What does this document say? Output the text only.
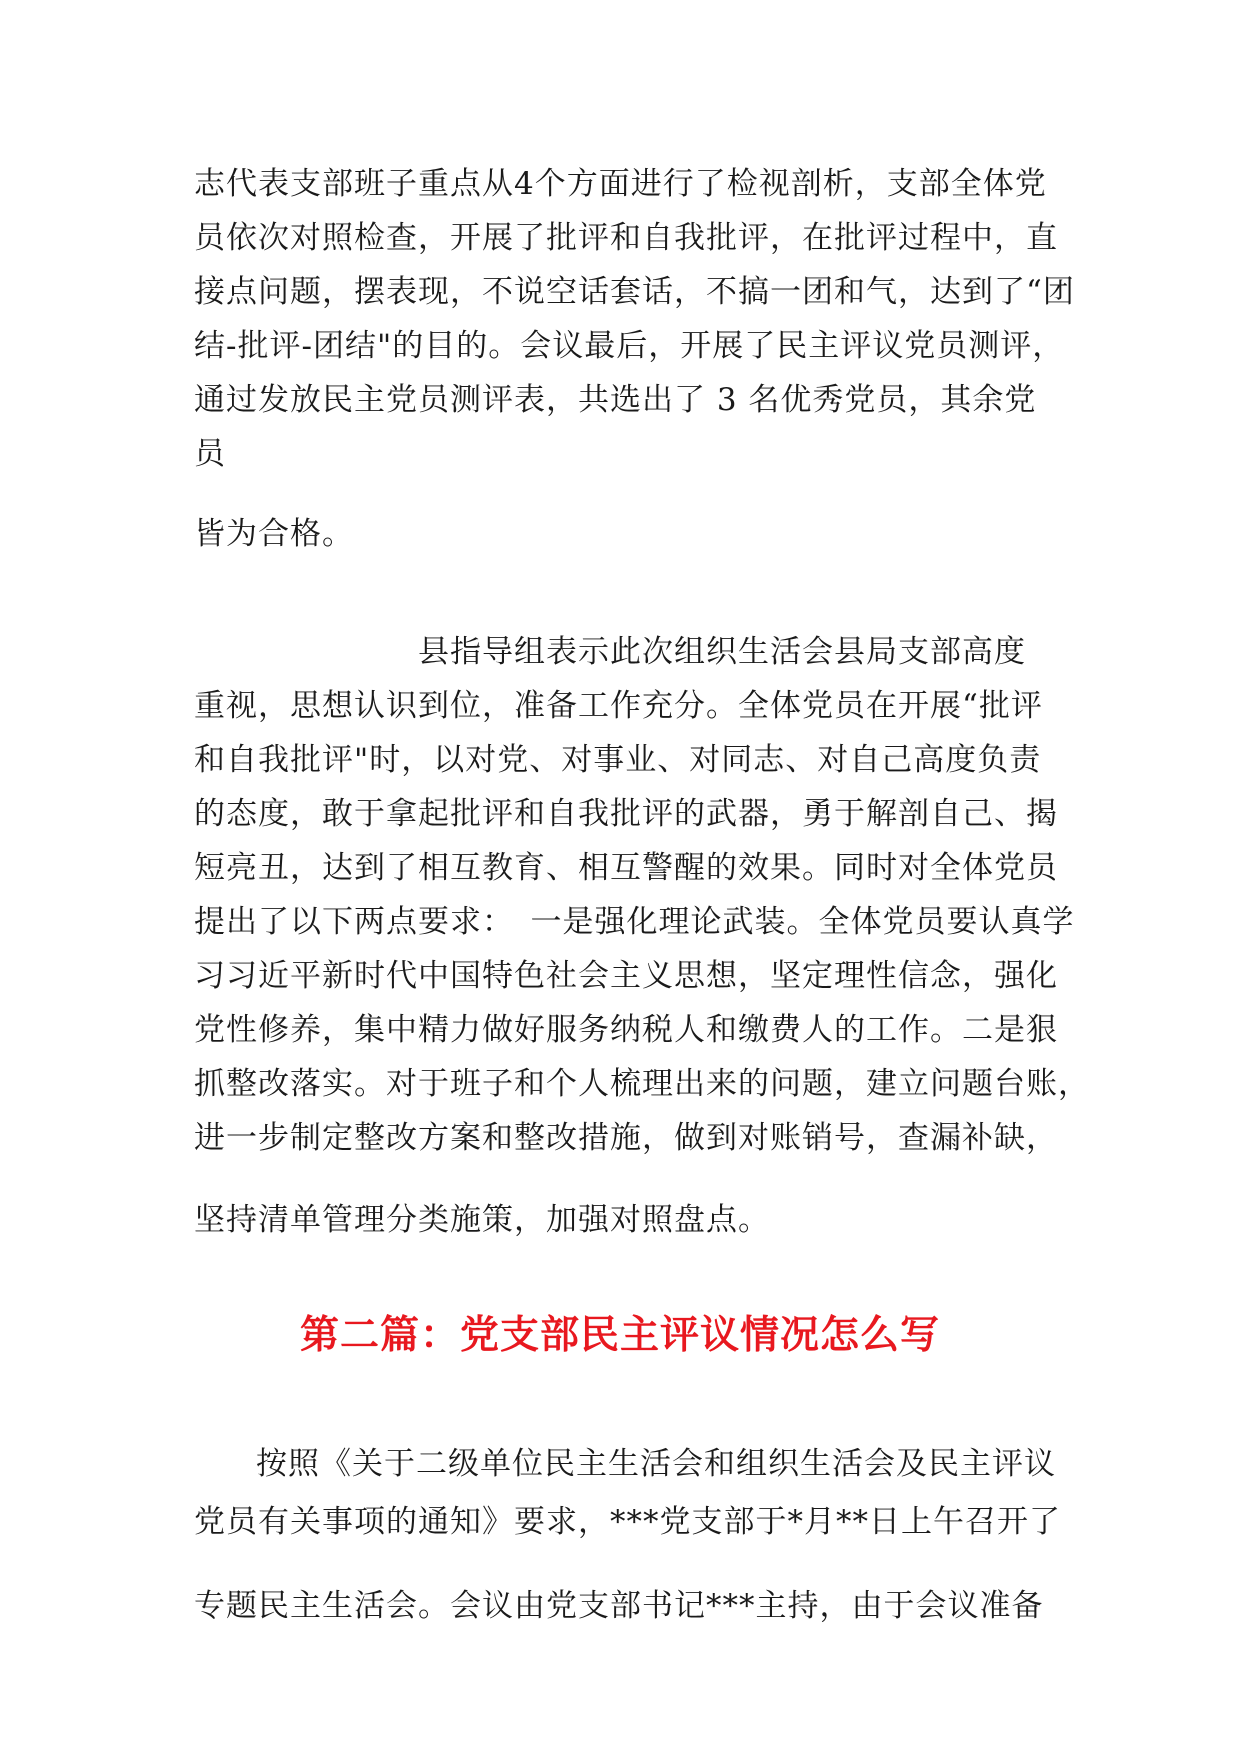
志代表支部班子重点从4个方面进行了检视剖析，支部全体党
员依次对照检查，开展了批评和自我批评，在批评过程中，直
接点问题，摆表现，不说空话套话，不搞一团和气，达到了“团
结-批评-团结"的目的。会议最后，开展了民主评议党员测评，
通过发放民主党员测评表，共选出了 3 名优秀党员，其余党
员
皆为合格。
县指导组表示此次组织生活会县局支部高度
重视，思想认识到位，准备工作充分。全体党员在开展“批评
和自我批评"时，以对党、对事业、对同志、对自己高度负责
的态度，敢于拿起批评和自我批评的武器，勇于解剖自己、揭
短亮丑，达到了相互教育、相互警醒的效果。同时对全体党员
提出了以下两点要求：　一是强化理论武装。全体党员要认真学
习习近平新时代中国特色社会主义思想，坚定理性信念，强化
党性修养，集中精力做好服务纳税人和缴费人的工作。二是狠
抓整改落实。对于班子和个人梳理出来的问题，建立问题台账，
进一步制定整改方案和整改措施，做到对账销号，查漏补缺，
坚持清单管理分类施策，加强对照盘点。
第二篇：党支部民主评议情况怎么写
按照《关于二级单位民主生活会和组织生活会及民主评议
党员有关事项的通知》要求，***党支部于*月**日上午召开了
专题民主生活会。会议由党支部书记***主持，由于会议准备
